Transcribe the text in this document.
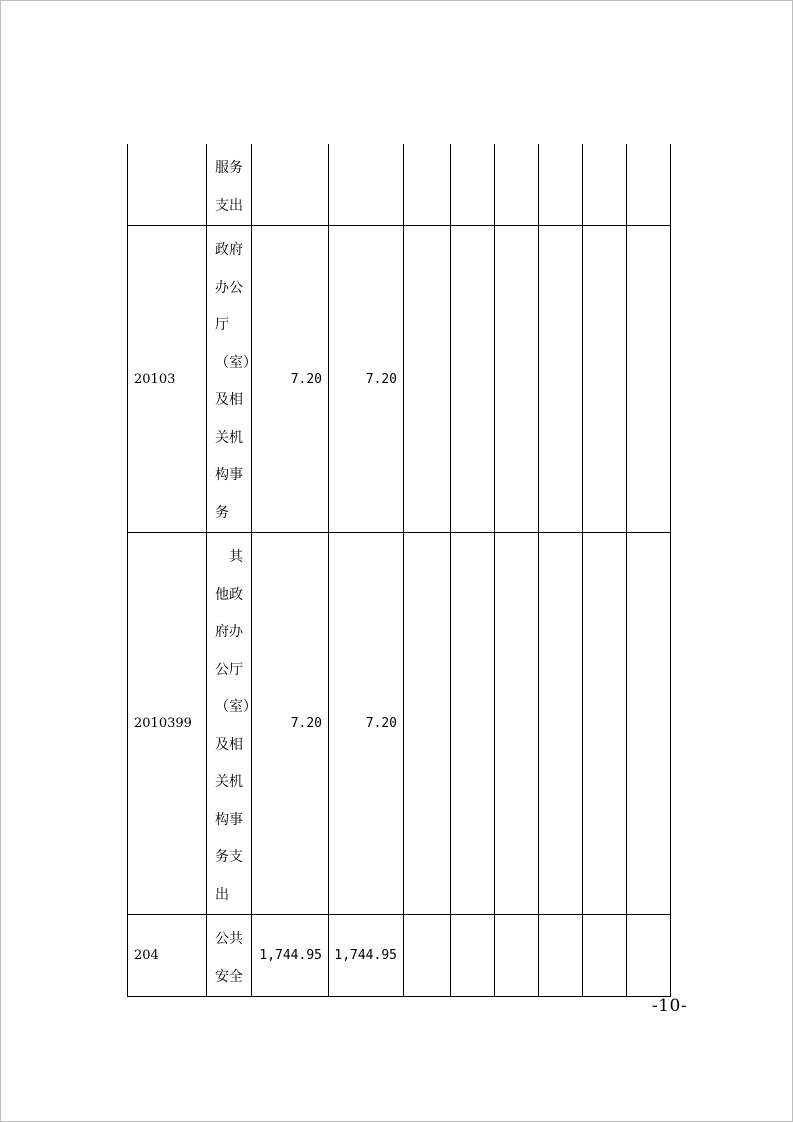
	服务支出								

20103	政府办公厅（室）及相关机构事务	7.20	7.20						
2010399	　其他政府办公厅（室）及相关机构事务支出	7.20	7.20						
204	公共安全	1,744.95	1,744.95						
-10-
